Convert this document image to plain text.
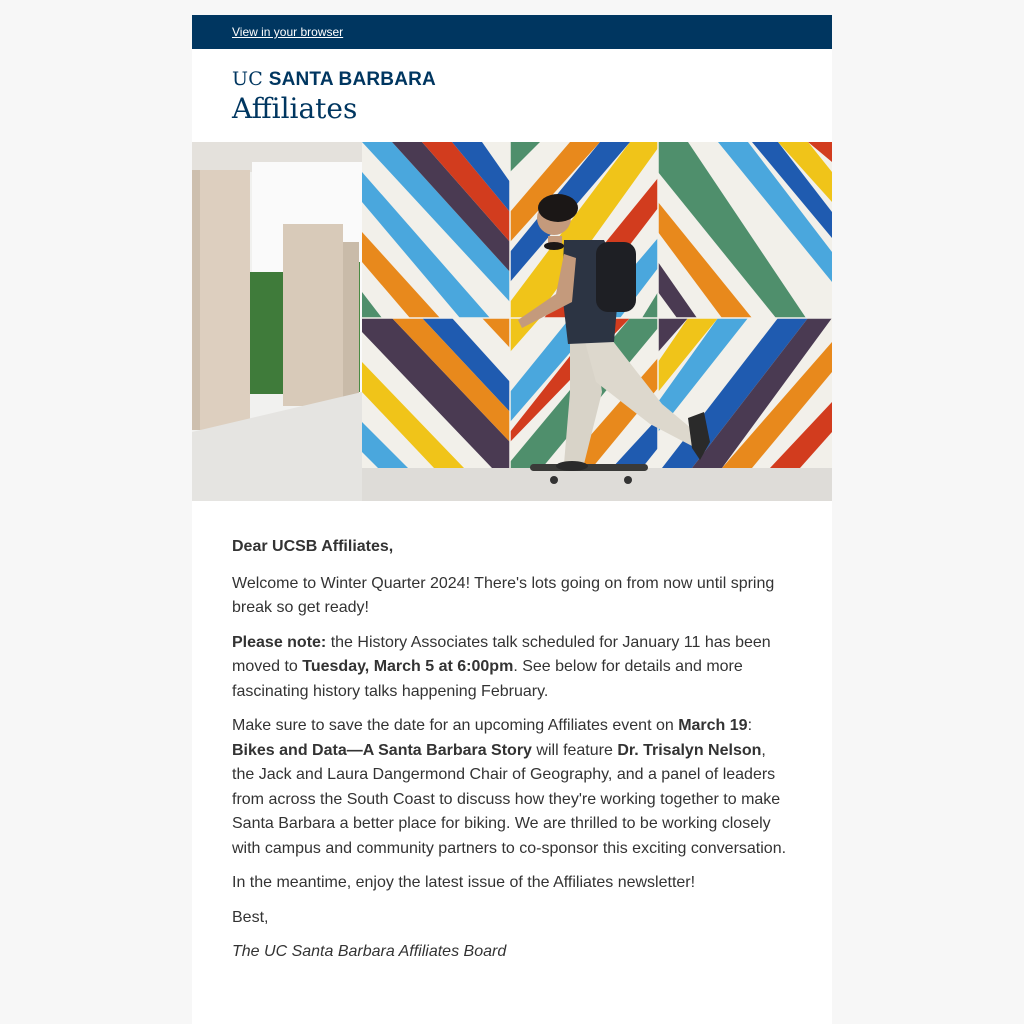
View in your browser
UC SANTA BARBARA
Affiliates

Dear UCSB Affiliates,

Welcome to Winter Quarter 2024! There's lots going on from now until spring break so get ready!

Please note: the History Associates talk scheduled for January 11 has been moved to Tuesday, March 5 at 6:00pm. See below for details and more fascinating history talks happening February.

Make sure to save the date for an upcoming Affiliates event on March 19: Bikes and Data—A Santa Barbara Story will feature Dr. Trisalyn Nelson, the Jack and Laura Dangermond Chair of Geography, and a panel of leaders from across the South Coast to discuss how they're working together to make Santa Barbara a better place for biking. We are thrilled to be working closely with campus and community partners to co-sponsor this exciting conversation.

In the meantime, enjoy the latest issue of the Affiliates newsletter!

Best,

The UC Santa Barbara Affiliates Board
